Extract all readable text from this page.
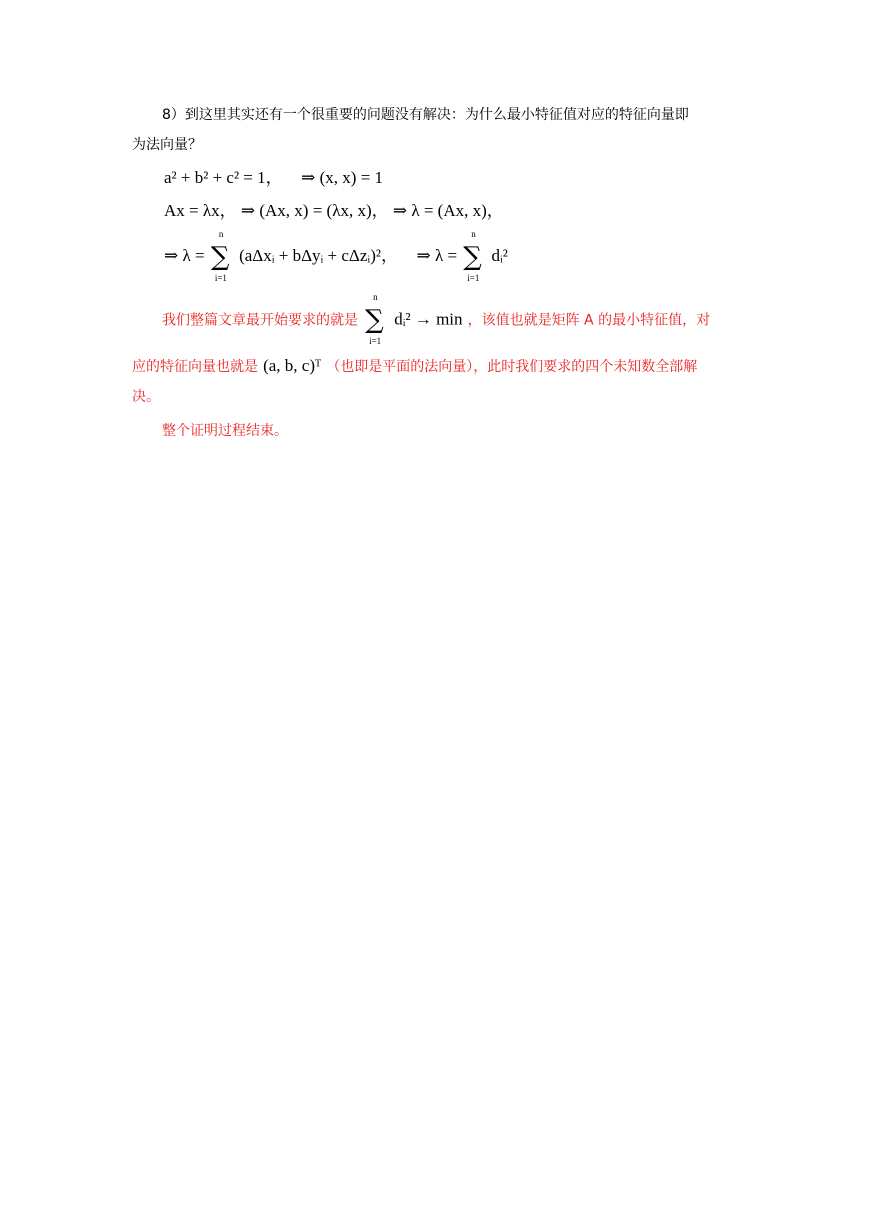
8）到这里其实还有一个很重要的问题没有解决：为什么最小特征值对应的特征向量即
为法向量？
a² + b² + c² = 1， ⇒ (x, x) = 1
Ax = λx， ⇒ (Ax, x) = (λx, x)， ⇒ λ = (Ax, x)，
⇒ λ =
n
∑
i=1
(aΔxᵢ + bΔyᵢ + cΔzᵢ)²， ⇒ λ =
n
∑
i=1
dᵢ²
我们整篇文章最开始要求的就是
n
∑
i=1
dᵢ² → min ，该值也就是矩阵 A 的最小特征值，对
应的特征向量也就是 (a, b, c)ᵀ （也即是平面的法向量），此时我们要求的四个未知数全部解
决。
整个证明过程结束。
